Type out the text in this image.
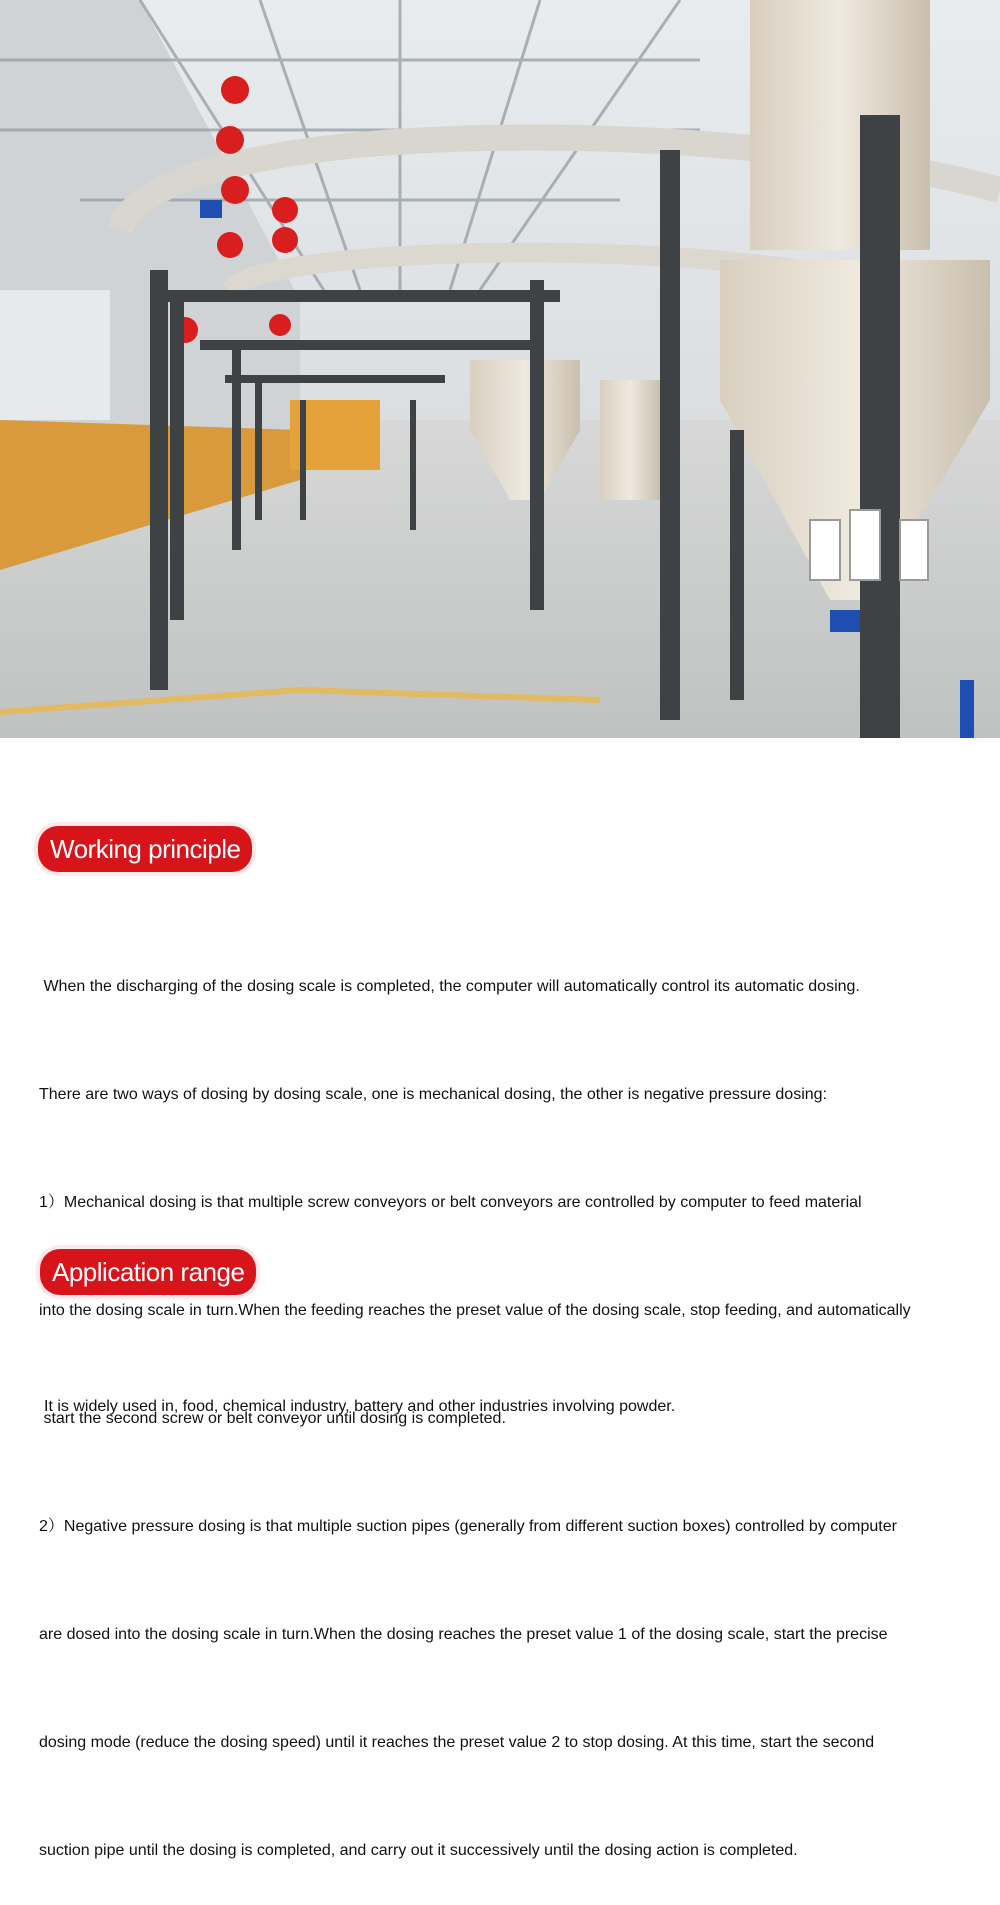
Working principle

When the discharging of the dosing scale is completed, the computer will automatically control its automatic dosing.

There are two ways of dosing by dosing scale, one is mechanical dosing, the other is negative pressure dosing:

1）Mechanical dosing is that multiple screw conveyors or belt conveyors are controlled by computer to feed material

into the dosing scale in turn.When the feeding reaches the preset value of the dosing scale, stop feeding, and automatically

start the second screw or belt conveyor until dosing is completed.

2）Negative pressure dosing is that multiple suction pipes (generally from different suction boxes) controlled by computer

are dosed into the dosing scale in turn.When the dosing reaches the preset value 1 of the dosing scale, start the precise

dosing mode (reduce the dosing speed) until it reaches the preset value 2 to stop dosing. At this time, start the second

suction pipe until the dosing is completed, and carry out it successively until the dosing action is completed.

Application range

It is widely used in, food, chemical industry, battery and other industries involving powder.
